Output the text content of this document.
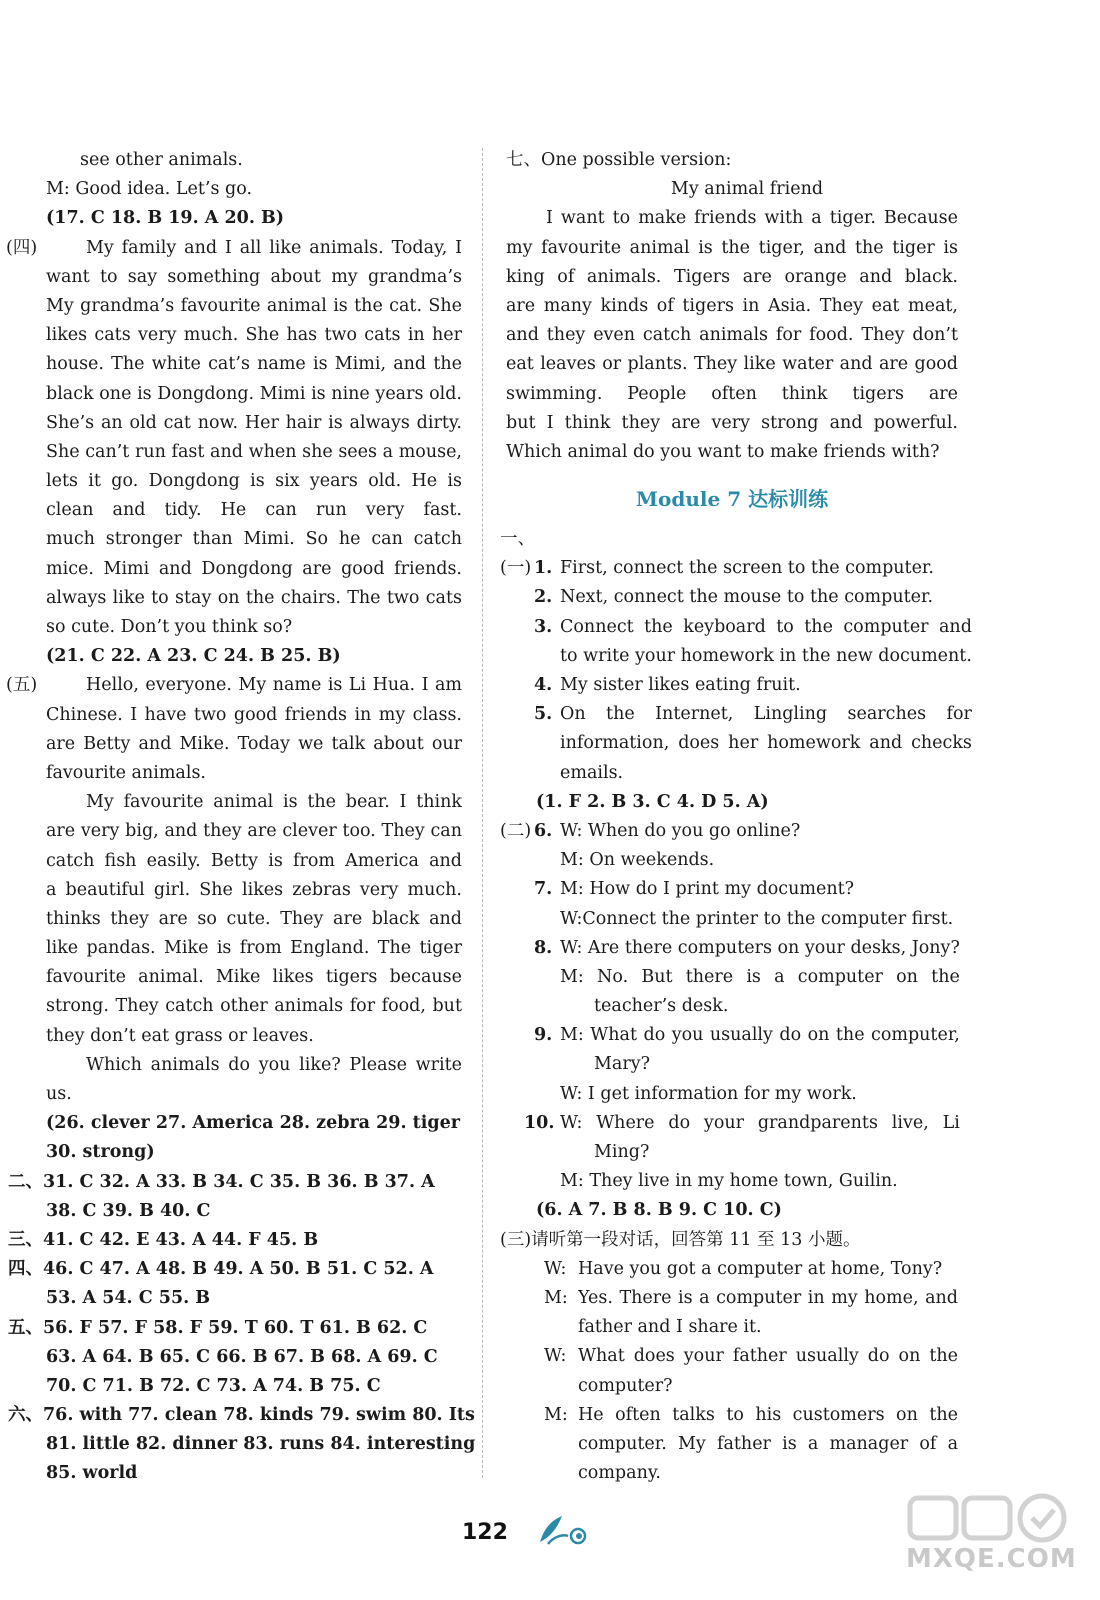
see other animals.
M: Good idea. Let’s go.
(17. C 18. B 19. A 20. B)
(四)	My family and I all like animals. Today, I
want to say something about my grandma’s
My grandma’s favourite animal is the cat. She
likes cats very much. She has two cats in her
house. The white cat’s name is Mimi, and the
black one is Dongdong. Mimi is nine years old.
She’s an old cat now. Her hair is always dirty.
She can’t run fast and when she sees a mouse,
lets it go. Dongdong is six years old. He is
clean and tidy. He can run very fast.
much stronger than Mimi. So he can catch
mice. Mimi and Dongdong are good friends.
always like to stay on the chairs. The two cats
so cute. Don’t you think so?
(21. C 22. A 23. C 24. B 25. B)
(五)	Hello, everyone. My name is Li Hua. I am
Chinese. I have two good friends in my class.
are Betty and Mike. Today we talk about our
favourite animals.
My favourite animal is the bear. I think
are very big, and they are clever too. They can
catch fish easily. Betty is from America and
a beautiful girl. She likes zebras very much.
thinks they are so cute. They are black and
like pandas. Mike is from England. The tiger
favourite animal. Mike likes tigers because
strong. They catch other animals for food, but
they don’t eat grass or leaves.
Which animals do you like? Please write
us.
(26. clever 27. America 28. zebra 29. tiger
30. strong)
二、31. C 32. A 33. B 34. C 35. B 36. B 37. A
38. C 39. B 40. C
三、41. C 42. E 43. A 44. F 45. B
四、46. C 47. A 48. B 49. A 50. B 51. C 52. A
53. A 54. C 55. B
五、56. F 57. F 58. F 59. T 60. T 61. B 62. C
63. A 64. B 65. C 66. B 67. B 68. A 69. C
70. C 71. B 72. C 73. A 74. B 75. C
六、76. with 77. clean 78. kinds 79. swim 80. Its
81. little 82. dinner 83. runs 84. interesting
85. world
七、One possible version:
My animal friend
I want to make friends with a tiger. Because
my favourite animal is the tiger, and the tiger is
king of animals. Tigers are orange and black.
are many kinds of tigers in Asia. They eat meat,
and they even catch animals for food. They don’t
eat leaves or plants. They like water and are good
swimming. People often think tigers are
but I think they are very strong and powerful.
Which animal do you want to make friends with?
Module 7 达标训练
一、
(一) 1. First, connect the screen to the computer.
2. Next, connect the mouse to the computer.
3. Connect the keyboard to the computer and
to write your homework in the new document.
4. My sister likes eating fruit.
5. On the Internet, Lingling searches for
information, does her homework and checks
emails.
(1. F 2. B 3. C 4. D 5. A)
(二) 6. W: When do you go online?
M: On weekends.
7. M: How do I print my document?
W:Connect the printer to the computer first.
8. W: Are there computers on your desks, Jony?
M: No. But there is a computer on the
teacher’s desk.
9. M: What do you usually do on the computer,
Mary?
W: I get information for my work.
10. W: Where do your grandparents live, Li
Ming?
M: They live in my home town, Guilin.
(6. A 7. B 8. B 9. C 10. C)
(三)请听第一段对话，回答第 11 至 13 小题。
W: Have you got a computer at home, Tony?
M: Yes. There is a computer in my home, and
father and I share it.
W: What does your father usually do on the
computer?
M: He often talks to his customers on the
computer. My father is a manager of a
company.
122
MXQE.COM
